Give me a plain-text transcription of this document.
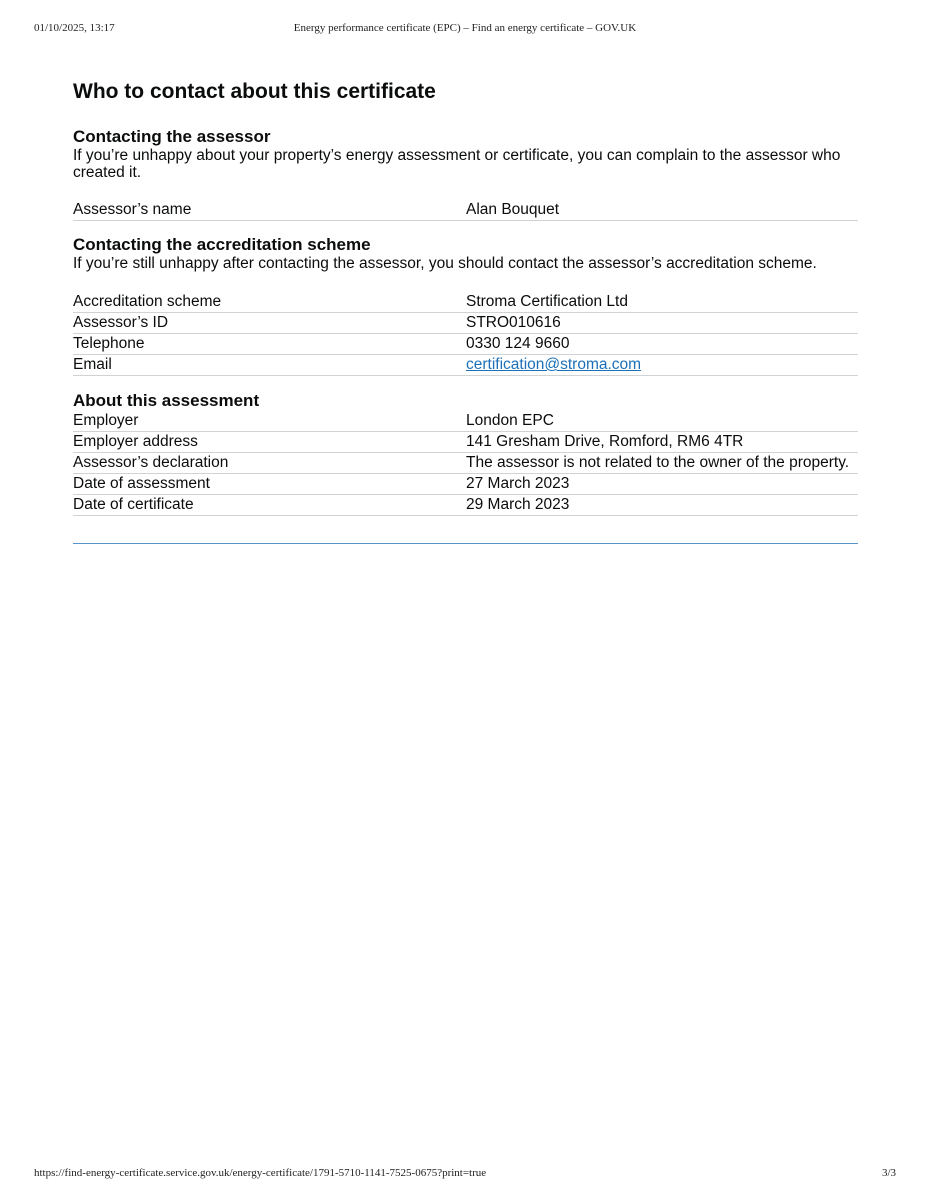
01/10/2025, 13:17	Energy performance certificate (EPC) – Find an energy certificate – GOV.UK
Who to contact about this certificate
Contacting the assessor

If you’re unhappy about your property’s energy assessment or certificate, you can complain to the assessor who created it.

Assessor’s name	Alan Bouquet
Contacting the accreditation scheme

If you’re still unhappy after contacting the assessor, you should contact the assessor’s accreditation scheme.

Accreditation scheme	Stroma Certification Ltd
Assessor’s ID	STRO010616
Telephone	0330 124 9660
Email	certification@stroma.com
About this assessment
Employer	London EPC
Employer address	141 Gresham Drive, Romford, RM6 4TR
Assessor’s declaration	The assessor is not related to the owner of the property.
Date of assessment	27 March 2023
Date of certificate	29 March 2023
https://find-energy-certificate.service.gov.uk/energy-certificate/1791-5710-1141-7525-0675?print=true	3/3
